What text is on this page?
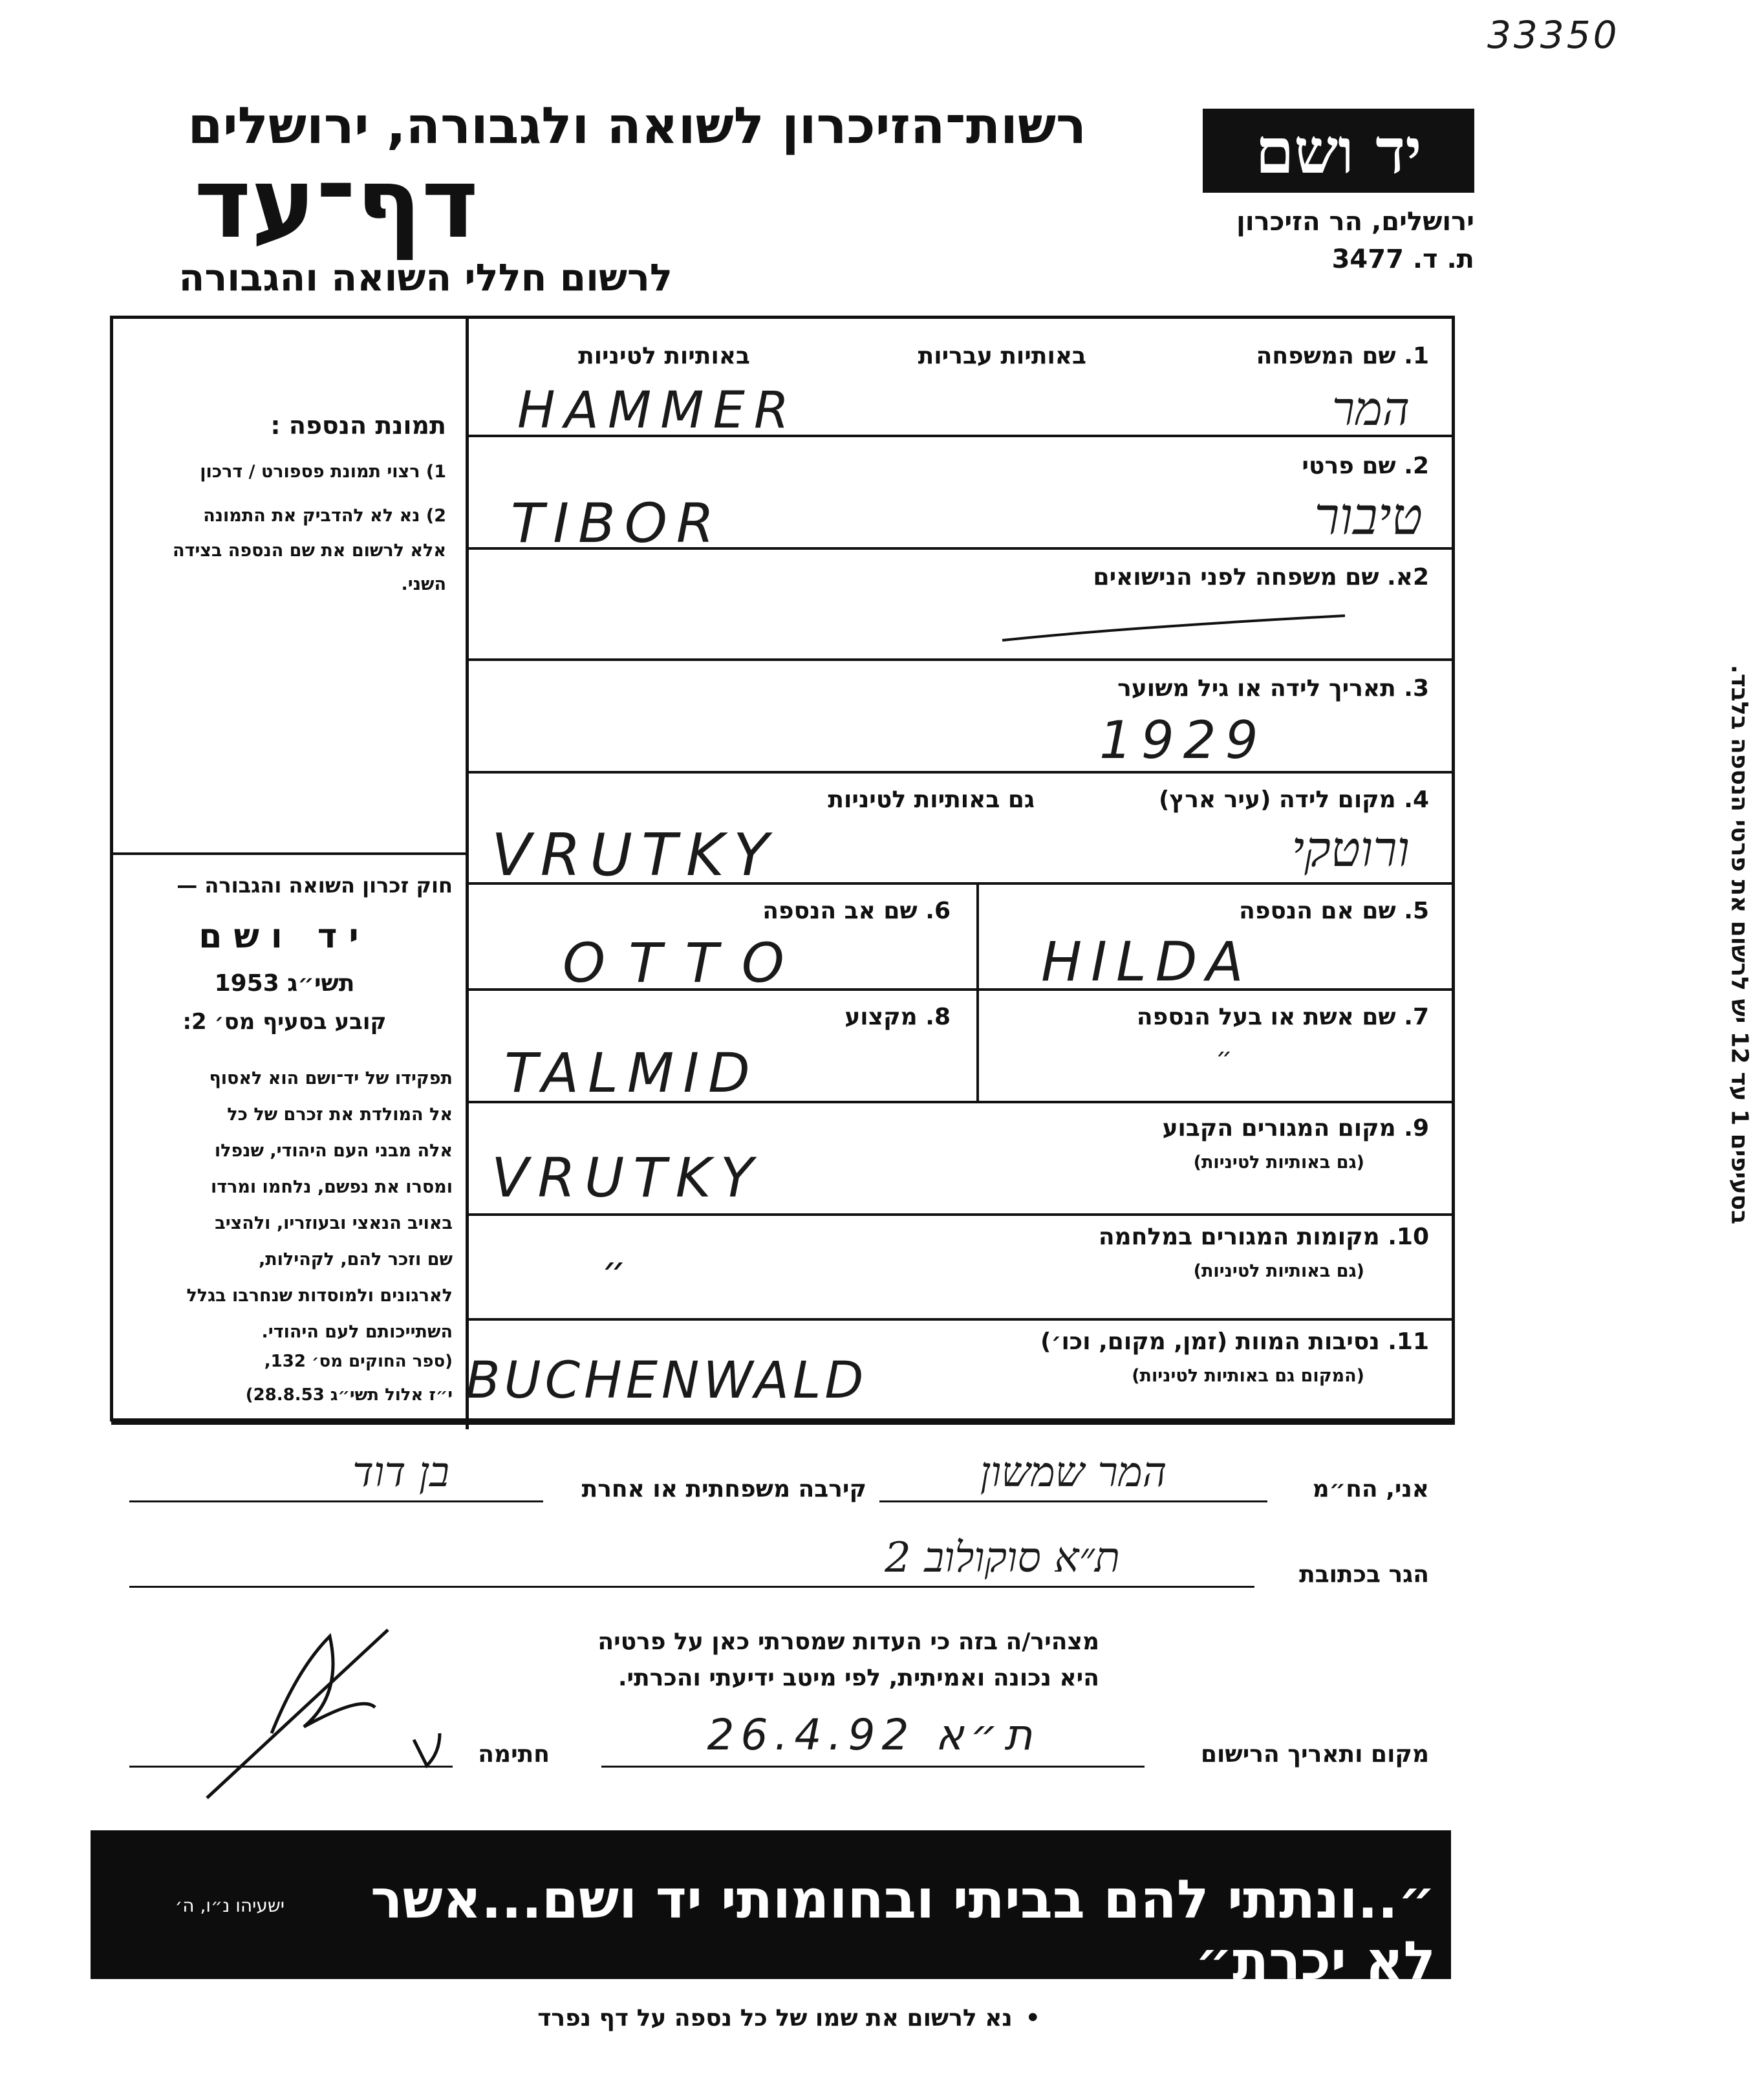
33350
רשות־הזיכרון לשואה ולגבורה, ירושלים
דף־עד
לרשום חללי השואה והגבורה
יד ושם
ירושלים, הר הזיכרון
ת. ד. 3477
בסעיפים 1 עד 12 יש לרשום את פרטי הנספה בלבד.
תמונת הנספה :
1) רצוי תמונת פספורט / דרכון
2) נא לא להדביק את התמונה
אלא לרשום את שם הנספה בצידה
השני.
חוק זכרון השואה והגבורה —
יד ושם
תשי״ג 1953
קובע בסעיף מס׳ 2:
תפקידו של יד־ושם הוא לאסוף
אל המולדת את זכרם של כל
אלה מבני העם היהודי, שנפלו
ומסרו את נפשם, נלחמו ומרדו
באויב הנאצי ובעוזריו, ולהציב
שם וזכר להם, לקהילות,
לארגונים ולמוסדות שנחרבו בגלל
השתייכותם לעם היהודי.
(ספר החוקים מס׳ 132,
י״ז אלול תשי״ג 28.8.53)
1. שם המשפחה
באותיות עבריות
באותיות לטיניות
HAMMER	המר
2. שם פרטי
TIBOR	טיבור
2א. שם משפחה לפני הנישואים
3. תאריך לידה או גיל משוער
1929
4. מקום לידה (עיר ארץ)
גם באותיות לטיניות
VRUTKY	ורוטקי
5. שם אם הנספה
HILDA
6. שם אב הנספה
OTTO
7. שם אשת או בעל הנספה
״
8. מקצוע
TALMID
9. מקום המגורים הקבוע
(גם באותיות לטיניות)
VRUTKY
10. מקומות המגורים במלחמה
(גם באותיות לטיניות)
״
11. נסיבות המוות (זמן, מקום, וכו׳)
(המקום גם באותיות לטיניות)
BUCHENWALD
אני, הח״מ
המר שמשון
קירבה משפחתית או אחרת
בן דוד
הגר בכתובת
ת״א סוקולוב 2
מצהיר/ה בזה כי העדות שמסרתי כאן על פרטיה
היא נכונה ואמיתית, לפי מיטב ידיעתי והכרתי.
מקום ותאריך הרישום
ת״א 26.4.92
חתימה
״..ונתתי להם בביתי ובחומותי יד ושם...אשר לא יכרת״
ישעיהו נ״ו, ה׳
•נא לרשום את שמו של כל נספה על דף נפרד
